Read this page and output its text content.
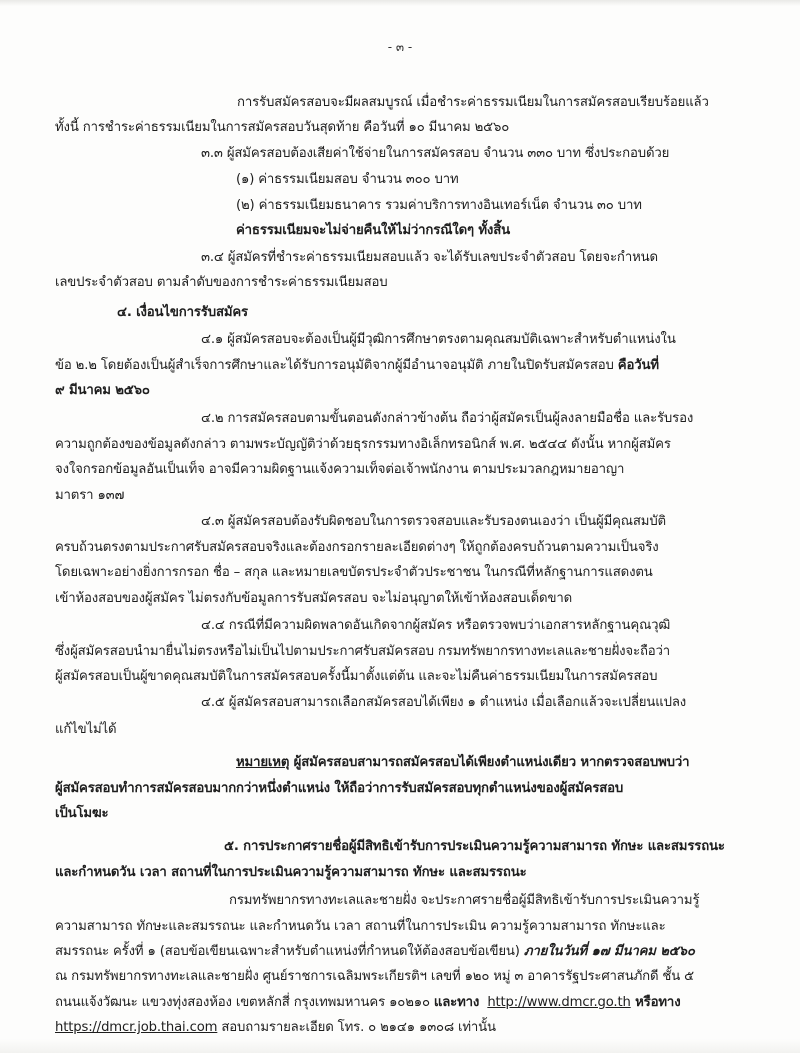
- ๓ -
การรับสมัครสอบจะมีผลสมบูรณ์ เมื่อชำระค่าธรรมเนียมในการสมัครสอบเรียบร้อยแล้ว
ทั้งนี้ การชำระค่าธรรมเนียมในการสมัครสอบวันสุดท้าย คือวันที่ ๑๐ มีนาคม ๒๕๖๐
๓.๓ ผู้สมัครสอบต้องเสียค่าใช้จ่ายในการสมัครสอบ จำนวน ๓๓๐ บาท ซึ่งประกอบด้วย
(๑) ค่าธรรมเนียมสอบ จำนวน ๓๐๐ บาท
(๒) ค่าธรรมเนียมธนาคาร รวมค่าบริการทางอินเทอร์เน็ต จำนวน ๓๐ บาท
ค่าธรรมเนียมจะไม่จ่ายคืนให้ไม่ว่ากรณีใดๆ ทั้งสิ้น
๓.๔ ผู้สมัครที่ชำระค่าธรรมเนียมสอบแล้ว จะได้รับเลขประจำตัวสอบ โดยจะกำหนด
เลขประจำตัวสอบ ตามลำดับของการชำระค่าธรรมเนียมสอบ
๔. เงื่อนไขการรับสมัคร
๔.๑ ผู้สมัครสอบจะต้องเป็นผู้มีวุฒิการศึกษาตรงตามคุณสมบัติเฉพาะสำหรับตำแหน่งใน
ข้อ ๒.๒ โดยต้องเป็นผู้สำเร็จการศึกษาและได้รับการอนุมัติจากผู้มีอำนาจอนุมัติ ภายในปิดรับสมัครสอบ คือวันที่
๙ มีนาคม ๒๕๖๐
๔.๒ การสมัครสอบตามขั้นตอนดังกล่าวข้างต้น ถือว่าผู้สมัครเป็นผู้ลงลายมือชื่อ และรับรอง
ความถูกต้องของข้อมูลดังกล่าว ตามพระบัญญัติว่าด้วยธุรกรรมทางอิเล็กทรอนิกส์ พ.ศ. ๒๕๔๔ ดังนั้น หากผู้สมัคร
จงใจกรอกข้อมูลอันเป็นเท็จ อาจมีความผิดฐานแจ้งความเท็จต่อเจ้าพนักงาน ตามประมวลกฎหมายอาญา
มาตรา ๑๓๗
๔.๓ ผู้สมัครสอบต้องรับผิดชอบในการตรวจสอบและรับรองตนเองว่า เป็นผู้มีคุณสมบัติ
ครบถ้วนตรงตามประกาศรับสมัครสอบจริงและต้องกรอกรายละเอียดต่างๆ ให้ถูกต้องครบถ้วนตามความเป็นจริง
โดยเฉพาะอย่างยิ่งการกรอก ชื่อ – สกุล และหมายเลขบัตรประจำตัวประชาชน ในกรณีที่หลักฐานการแสดงตน
เข้าห้องสอบของผู้สมัคร ไม่ตรงกับข้อมูลการรับสมัครสอบ จะไม่อนุญาตให้เข้าห้องสอบเด็ดขาด
๔.๔ กรณีที่มีความผิดพลาดอันเกิดจากผู้สมัคร หรือตรวจพบว่าเอกสารหลักฐานคุณวุฒิ
ซึ่งผู้สมัครสอบนำมายื่นไม่ตรงหรือไม่เป็นไปตามประกาศรับสมัครสอบ กรมทรัพยากรทางทะเลและชายฝั่งจะถือว่า
ผู้สมัครสอบเป็นผู้ขาดคุณสมบัติในการสมัครสอบครั้งนี้มาตั้งแต่ต้น และจะไม่คืนค่าธรรมเนียมในการสมัครสอบ
๔.๕ ผู้สมัครสอบสามารถเลือกสมัครสอบได้เพียง ๑ ตำแหน่ง เมื่อเลือกแล้วจะเปลี่ยนแปลง
แก้ไขไม่ได้
หมายเหตุ ผู้สมัครสอบสามารถสมัครสอบได้เพียงตำแหน่งเดียว หากตรวจสอบพบว่า
ผู้สมัครสอบทำการสมัครสอบมากกว่าหนึ่งตำแหน่ง ให้ถือว่าการรับสมัครสอบทุกตำแหน่งของผู้สมัครสอบ
เป็นโมฆะ
๕. การประกาศรายชื่อผู้มีสิทธิเข้ารับการประเมินความรู้ความสามารถ ทักษะ และสมรรถนะ
และกำหนดวัน เวลา สถานที่ในการประเมินความรู้ความสามารถ ทักษะ และสมรรถนะ
กรมทรัพยากรทางทะเลและชายฝั่ง จะประกาศรายชื่อผู้มีสิทธิเข้ารับการประเมินความรู้
ความสามารถ ทักษะและสมรรถนะ และกำหนดวัน เวลา สถานที่ในการประเมิน ความรู้ความสามารถ ทักษะและ
สมรรถนะ ครั้งที่ ๑ (สอบข้อเขียนเฉพาะสำหรับตำแหน่งที่กำหนดให้ต้องสอบข้อเขียน) ภายในวันที่ ๑๗ มีนาคม ๒๕๖๐
ณ กรมทรัพยากรทางทะเลและชายฝั่ง ศูนย์ราชการเฉลิมพระเกียรติฯ เลขที่ ๑๒๐ หมู่ ๓ อาคารรัฐประศาสนภักดี ชั้น ๕
ถนนแจ้งวัฒนะ แขวงทุ่งสองห้อง เขตหลักสี่ กรุงเทพมหานคร ๑๐๒๑๐ และทาง http://www.dmcr.go.th หรือทาง
https://dmcr.job.thai.com สอบถามรายละเอียด โทร. ๐ ๒๑๔๑ ๑๓๐๘ เท่านั้น
